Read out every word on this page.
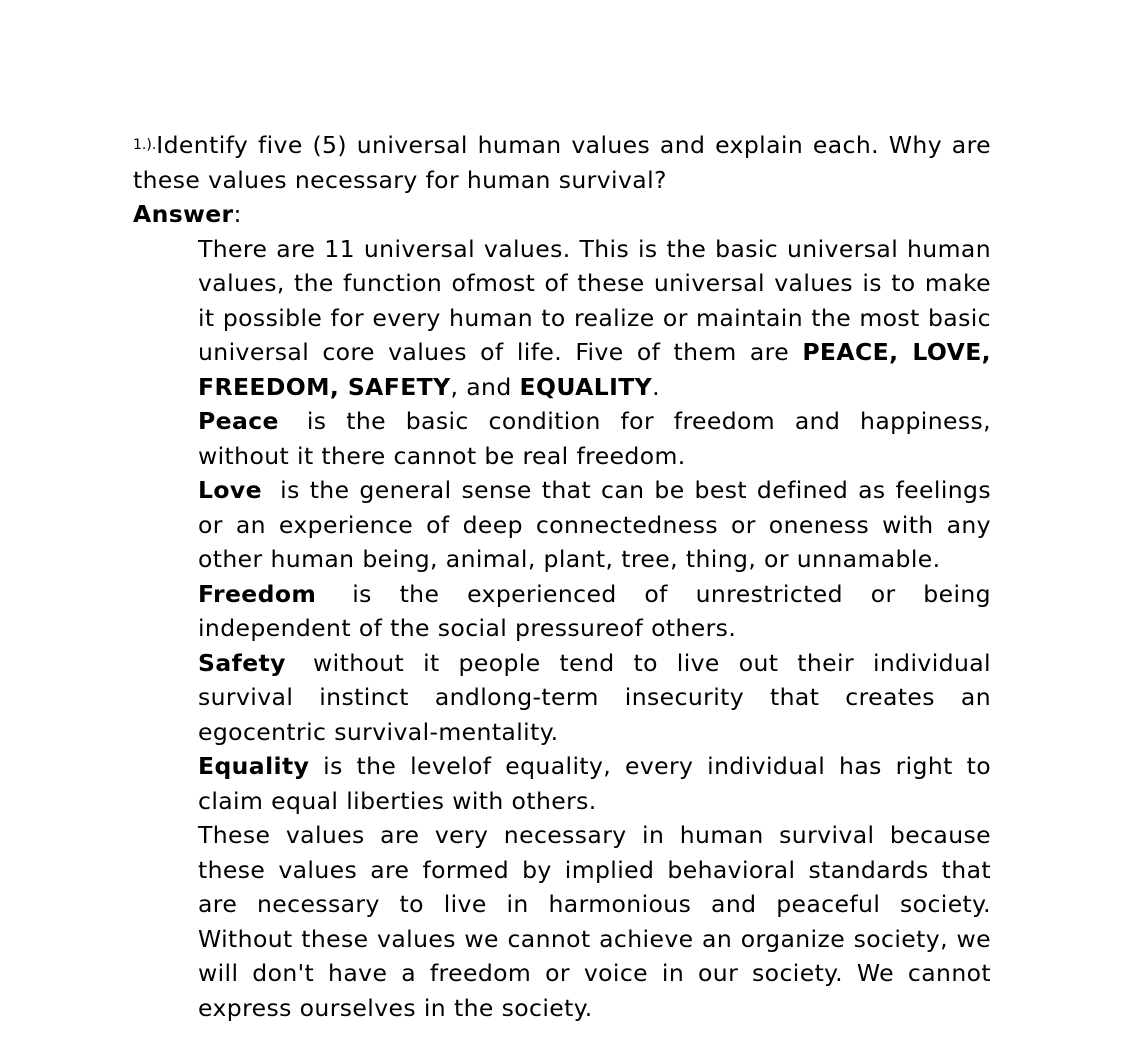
1.).Identify five (5) universal human values and explain each. Why are these values necessary for human survival?
Answer:

There are 11 universal values. This is the basic universal human values, the function ofmost of these universal values is to make it possible for every human to realize or maintain the most basic universal core values of life. Five of them are PEACE, LOVE, FREEDOM, SAFETY, and EQUALITY.

Peace is the basic condition for freedom and happiness, without it there cannot be real freedom.

Love is the general sense that can be best defined as feelings or an experience of deep connectedness or oneness with any other human being, animal, plant, tree, thing, or unnamable.

Freedom is the experienced of unrestricted or being independent of the social pressureof others.

Safety without it people tend to live out their individual survival instinct andlong-term insecurity that creates an egocentric survival-mentality.

Equality is the levelof equality, every individual has right to claim equal liberties with others.

These values are very necessary in human survival because these values are formed by implied behavioral standards that are necessary to live in harmonious and peaceful society. Without these values we cannot achieve an organize society, we will don't have a freedom or voice in our society. We cannot express ourselves in the society.
